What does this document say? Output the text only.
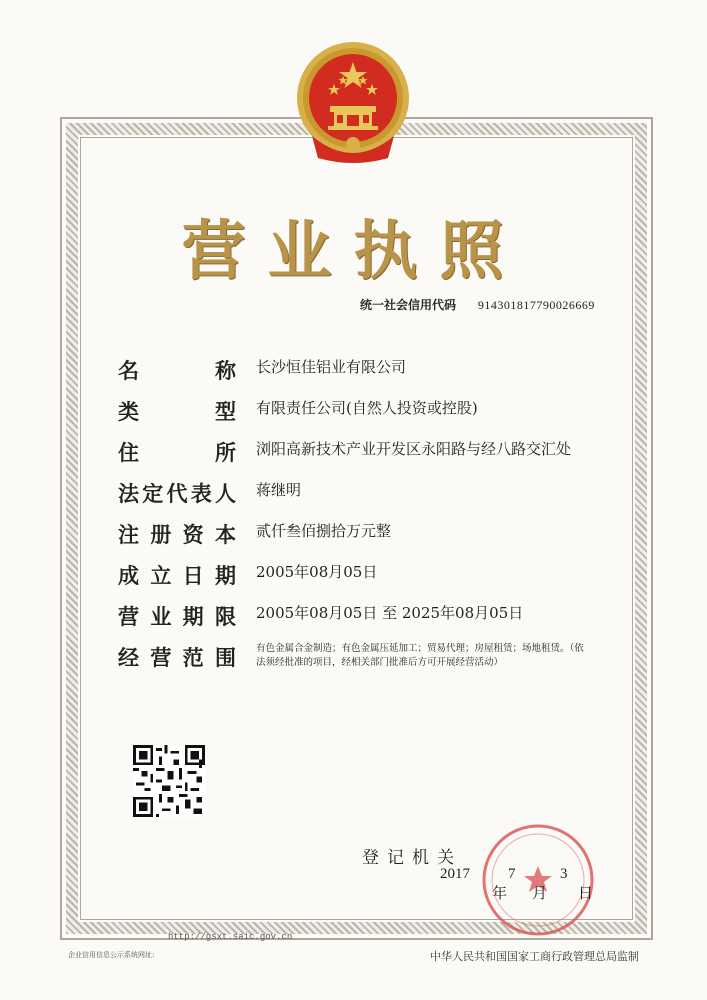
营业执照
统一社会信用代码 914301817790026669
名	称 长沙恒佳铝业有限公司
类	型 有限责任公司(自然人投资或控股)
住	所 浏阳高新技术产业开发区永阳路与经八路交汇处
法 定 代 表 人 蒋继明
注 册 资 本 贰仟叁佰捌拾万元整
成 立 日 期 2005年08月05日
营 业 期 限 2005年08月05日 至 2025年08月05日
经 营 范 围 有色金属合金制造；有色金属压延加工；贸易代理；房屋租赁；场地租赁。（依法须经批准的项目，经相关部门批准后方可开展经营活动）
登记机关
2017	7	3
年 月 日
http://gsxt.saic.gov.cn
企业信用信息公示系统网址:	中华人民共和国国家工商行政管理总局监制
